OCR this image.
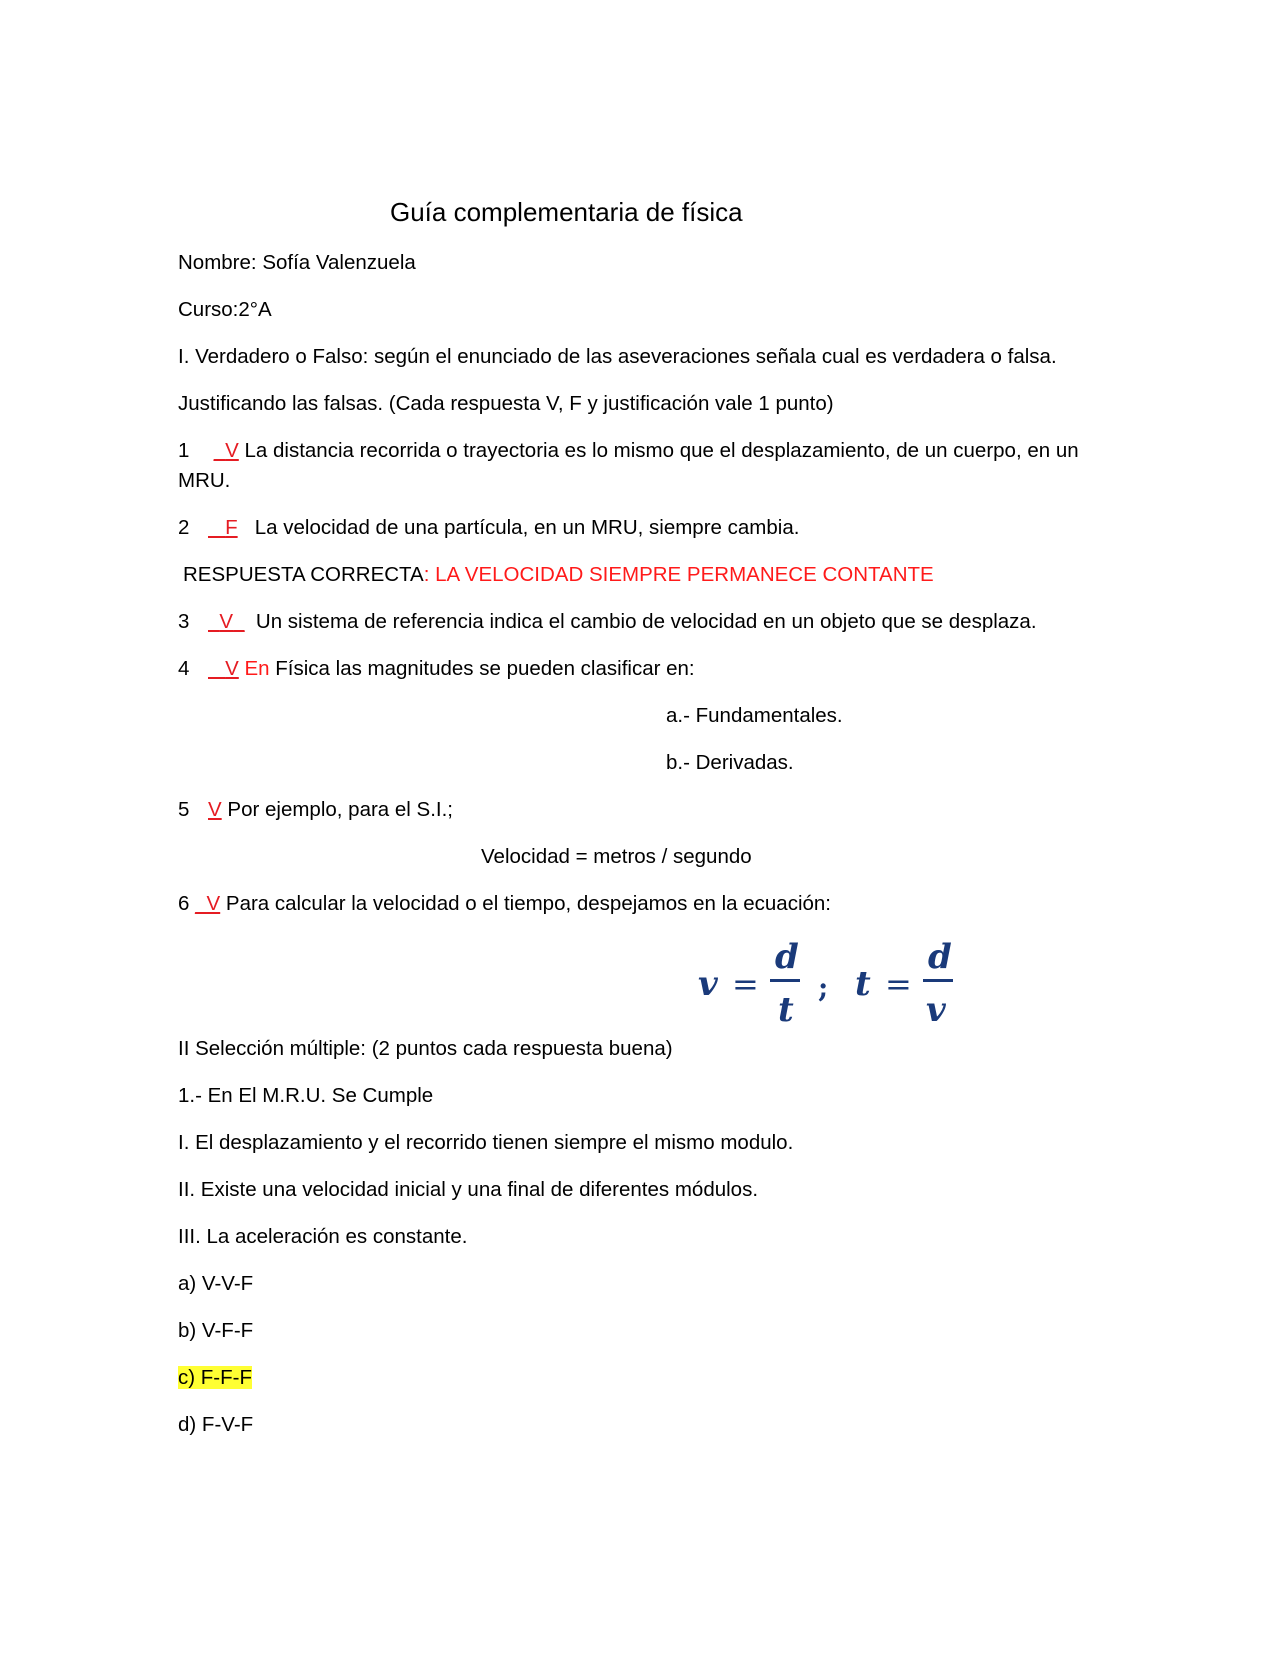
Guía complementaria de física
Nombre: Sofía Valenzuela
Curso:2°A
I. Verdadero o Falso: según el enunciado de las aseveraciones señala cual es verdadera o falsa.
Justificando las falsas. (Cada respuesta V, F y justificación vale 1 punto)
1 _V La distancia recorrida o trayectoria es lo mismo que el desplazamiento, de un cuerpo, en un MRU.
2 _F La velocidad de una partícula, en un MRU, siempre cambia.
RESPUESTA CORRECTA: LA VELOCIDAD SIEMPRE PERMANECE CONTANTE
3 V_ Un sistema de referencia indica el cambio de velocidad en un objeto que se desplaza.
4 _V En Física las magnitudes se pueden clasificar en:
a.- Fundamentales.
b.- Derivadas.
5 V Por ejemplo, para el S.I.;
Velocidad = metros / segundo
6 _V Para calcular la velocidad o el tiempo, despejamos en la ecuación:
v =
d
t
; t =
d
v
II Selección múltiple: (2 puntos cada respuesta buena)
1.- En El M.R.U. Se Cumple
I. El desplazamiento y el recorrido tienen siempre el mismo modulo.
II. Existe una velocidad inicial y una final de diferentes módulos.
III. La aceleración es constante.
a) V-V-F
b) V-F-F
c) F-F-F
d) F-V-F
